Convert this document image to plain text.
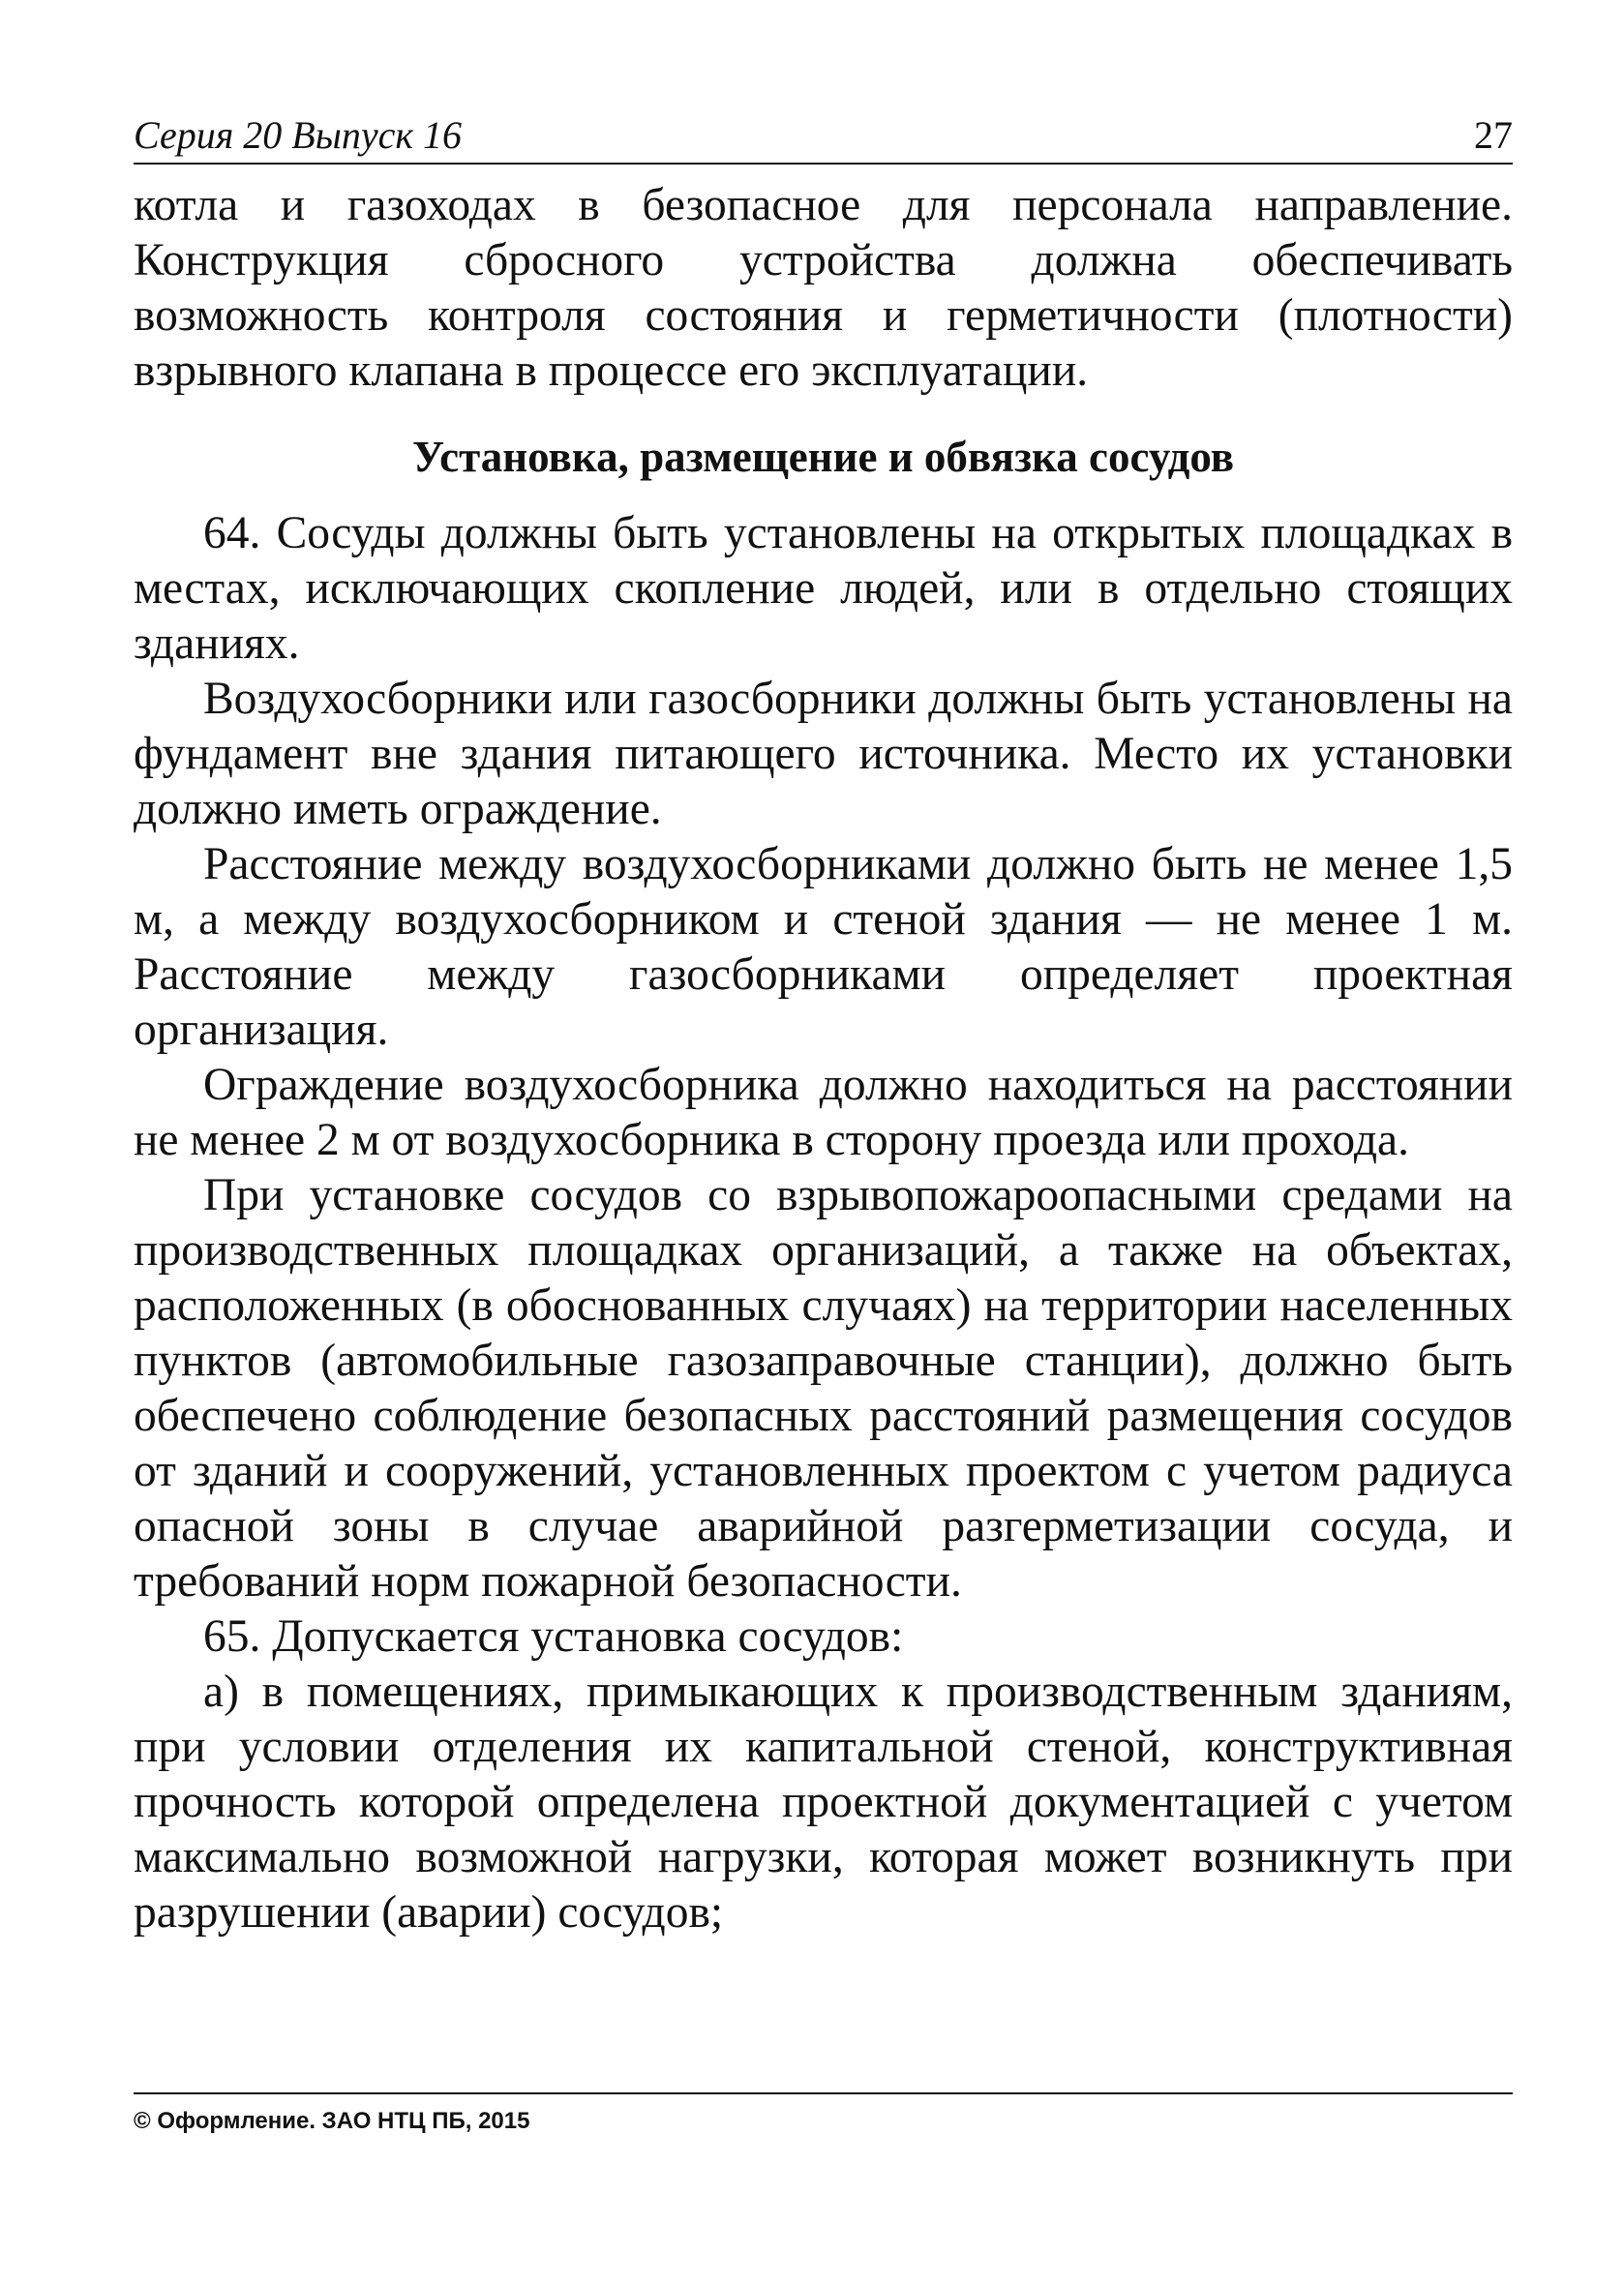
Серия 20 Выпуск 16	27

котла и газоходах в безопасное для персонала направление. Конструкция сбросного устройства должна обеспечивать возможность контроля состояния и герметичности (плотности) взрывного клапана в процессе его эксплуатации.

Установка, размещение и обвязка сосудов

64. Сосуды должны быть установлены на открытых площадках в местах, исключающих скопление людей, или в отдельно стоящих зданиях.

Воздухосборники или газосборники должны быть установлены на фундамент вне здания питающего источника. Место их установки должно иметь ограждение.

Расстояние между воздухосборниками должно быть не менее 1,5 м, а между воздухосборником и стеной здания — не менее 1 м. Расстояние между газосборниками определяет проектная организация.

Ограждение воздухосборника должно находиться на расстоянии не менее 2 м от воздухосборника в сторону проезда или прохода.

При установке сосудов со взрывопожароопасными средами на производственных площадках организаций, а также на объектах, расположенных (в обоснованных случаях) на территории населенных пунктов (автомобильные газозаправочные станции), должно быть обеспечено соблюдение безопасных расстояний размещения сосудов от зданий и сооружений, установленных проектом с учетом радиуса опасной зоны в случае аварийной разгерметизации сосуда, и требований норм пожарной безопасности.

65. Допускается установка сосудов:

а) в помещениях, примыкающих к производственным зданиям, при условии отделения их капитальной стеной, конструктивная прочность которой определена проектной документацией с учетом максимально возможной нагрузки, которая может возникнуть при разрушении (аварии) сосудов;

© Оформление. ЗАО НТЦ ПБ, 2015
